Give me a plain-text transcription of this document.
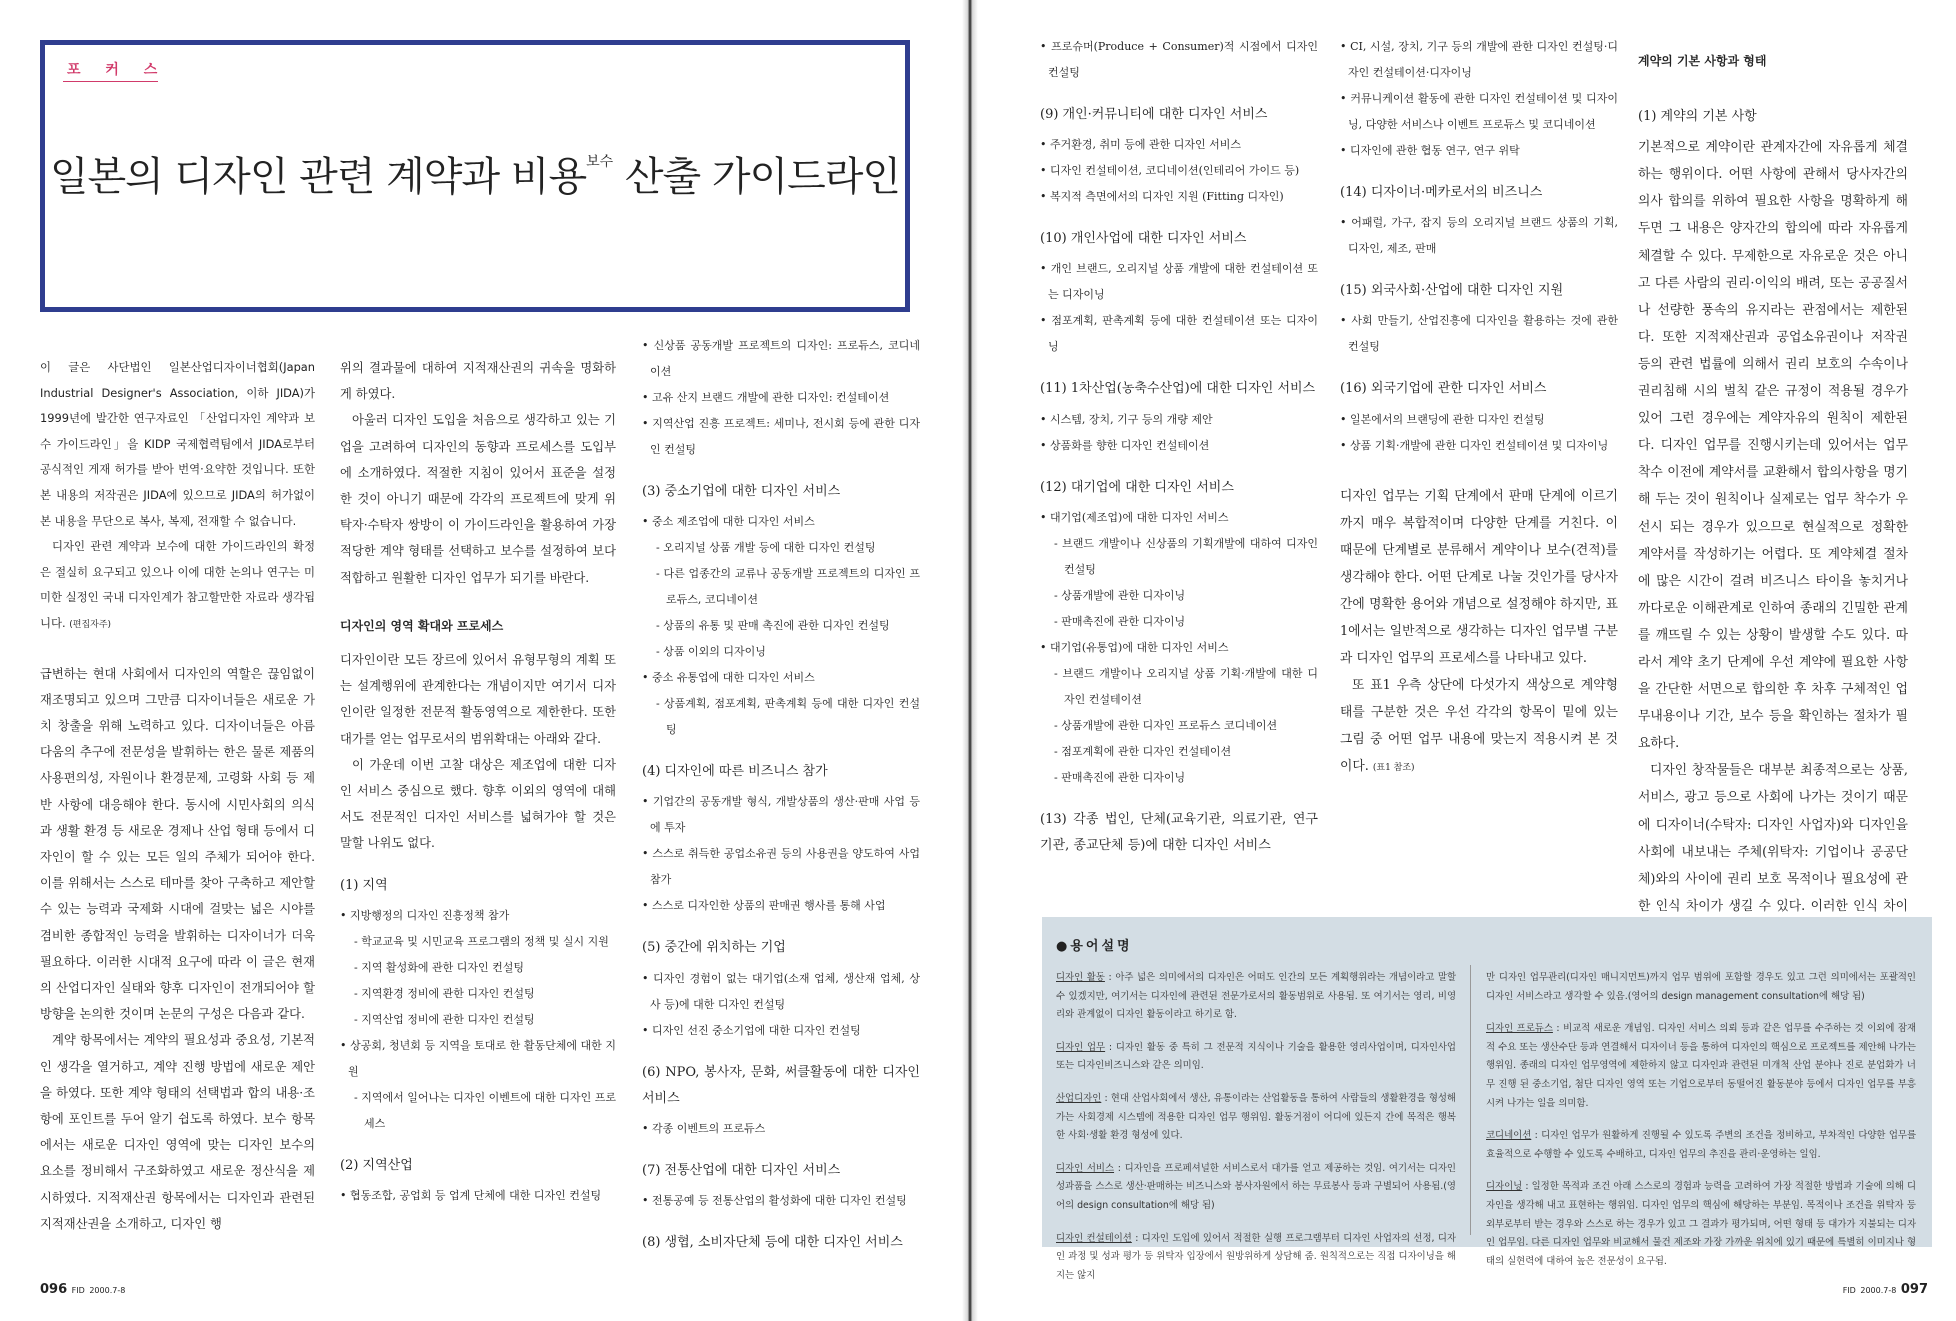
포 커 스
일본의 디자인 관련 계약과 비용$^{보수}$ 산출 가이드라인

이 글은 사단법인 일본산업디자이너협회(Japan Industrial Designer's Association, 이하 JIDA)가 1999년에 발간한 연구자료인 「산업디자인 계약과 보수 가이드라인」을 KIDP 국제협력팀에서 JIDA로부터 공식적인 게재 허가를 받아 번역·요약한 것입니다. 또한 본 내용의 저작권은 JIDA에 있으므로 JIDA의 허가없이 본 내용을 무단으로 복사, 복제, 전재할 수 없습니다.

디자인 관련 계약과 보수에 대한 가이드라인의 확정은 절실히 요구되고 있으나 이에 대한 논의나 연구는 미미한 실정인 국내 디자인계가 참고할만한 자료라 생각됩니다. (편집자주)

급변하는 현대 사회에서 디자인의 역할은 끊임없이 재조명되고 있으며 그만큼 디자이너들은 새로운 가치 창출을 위해 노력하고 있다. 디자이너들은 아름다움의 추구에 전문성을 발휘하는 한은 물론 제품의 사용편의성, 자원이나 환경문제, 고령화 사회 등 제반 사항에 대응해야 한다. 동시에 시민사회의 의식과 생활 환경 등 새로운 경제나 산업 형태 등에서 디자인이 할 수 있는 모든 일의 주체가 되어야 한다. 이를 위해서는 스스로 테마를 찾아 구축하고 제안할 수 있는 능력과 국제화 시대에 걸맞는 넓은 시야를 겸비한 종합적인 능력을 발휘하는 디자이너가 더욱 필요하다. 이러한 시대적 요구에 따라 이 글은 현재의 산업디자인 실태와 향후 디자인이 전개되어야 할 방향을 논의한 것이며 논문의 구성은 다음과 같다.

계약 항목에서는 계약의 필요성과 중요성, 기본적인 생각을 열거하고, 계약 진행 방법에 새로운 제안을 하였다. 또한 계약 형태의 선택법과 합의 내용·조항에 포인트를 두어 알기 쉽도록 하였다. 보수 항목에서는 새로운 디자인 영역에 맞는 디자인 보수의 요소를 정비해서 구조화하였고 새로운 정산식을 제시하였다. 지적재산권 항목에서는 디자인과 관련된 지적재산권을 소개하고, 디자인 행

위의 결과물에 대하여 지적재산권의 귀속을 명화하게 하였다.

아울러 디자인 도입을 처음으로 생각하고 있는 기업을 고려하여 디자인의 동향과 프로세스를 도입부에 소개하였다. 적절한 지침이 있어서 표준을 설정한 것이 아니기 때문에 각각의 프로젝트에 맞게 위탁자·수탁자 쌍방이 이 가이드라인을 활용하여 가장 적당한 계약 형태를 선택하고 보수를 설정하여 보다 적합하고 원활한 디자인 업무가 되기를 바란다.

디자인의 영역 확대와 프로세스

디자인이란 모든 장르에 있어서 유형무형의 계획 또는 설계행위에 관계한다는 개념이지만 여기서 디자인이란 일정한 전문적 활동영역으로 제한한다. 또한 대가를 얻는 업무로서의 범위확대는 아래와 같다.

이 가운데 이번 고찰 대상은 제조업에 대한 디자인 서비스 중심으로 했다. 향후 이외의 영역에 대해서도 전문적인 디자인 서비스를 넓혀가야 할 것은 말할 나위도 없다.

(1) 지역
• 지방행정의 디자인 진흥정책 참가
- 학교교육 및 시민교육 프로그램의 정책 및 실시 지원
- 지역 활성화에 관한 디자인 컨설팅
- 지역환경 정비에 관한 디자인 컨설팅
- 지역산업 정비에 관한 디자인 컨설팅
• 상공회, 청년회 등 지역을 토대로 한 활동단체에 대한 지원
- 지역에서 일어나는 디자인 이벤트에 대한 디자인 프로세스
(2) 지역산업
• 협동조합, 공업회 등 업계 단체에 대한 디자인 컨설팅
• 신상품 공동개발 프로젝트의 디자인: 프로듀스, 코디네이션
• 고유 산지 브랜드 개발에 관한 디자인: 컨설테이션
• 지역산업 진흥 프로젝트: 세미나, 전시회 등에 관한 디자인 컨설팅
(3) 중소기업에 대한 디자인 서비스
• 중소 제조업에 대한 디자인 서비스
- 오리지널 상품 개발 등에 대한 디자인 컨설팅
- 다른 업종간의 교류나 공동개발 프로젝트의 디자인 프로듀스, 코디네이션
- 상품의 유통 및 판매 촉진에 관한 디자인 컨설팅
- 상품 이외의 디자이닝
• 중소 유통업에 대한 디자인 서비스
- 상품계획, 점포계획, 판촉계획 등에 대한 디자인 컨설팅
(4) 디자인에 따른 비즈니스 참가
• 기업간의 공동개발 형식, 개발상품의 생산·판매 사업 등에 투자
• 스스로 취득한 공업소유권 등의 사용권을 양도하여 사업 참가
• 스스로 디자인한 상품의 판매권 행사를 통해 사업
(5) 중간에 위치하는 기업
• 디자인 경험이 없는 대기업(소재 업체, 생산재 업체, 상사 등)에 대한 디자인 컨설팅
• 디자인 선진 중소기업에 대한 디자인 컨설팅
(6) NPO, 봉사자, 문화, 써클활동에 대한 디자인 서비스
• 각종 이벤트의 프로듀스
(7) 전통산업에 대한 디자인 서비스
• 전통공예 등 전통산업의 활성화에 대한 디자인 컨설팅
(8) 생협, 소비자단체 등에 대한 디자인 서비스
096 FID 2000.7-8
• 프로슈머(Produce + Consumer)적 시점에서 디자인 컨설팅
(9) 개인·커뮤니티에 대한 디자인 서비스
• 주거환경, 취미 등에 관한 디자인 서비스
• 디자인 컨설테이션, 코디네이션(인테리어 가이드 등)
• 복지적 측면에서의 디자인 지원 (Fitting 디자인)
(10) 개인사업에 대한 디자인 서비스
• 개인 브랜드, 오리지널 상품 개발에 대한 컨설테이션 또는 디자이닝
• 점포계획, 판촉계획 등에 대한 컨설테이션 또는 디자이닝
(11) 1차산업(농축수산업)에 대한 디자인 서비스
• 시스템, 장치, 기구 등의 개량 제안
• 상품화를 향한 디자인 컨설테이션
(12) 대기업에 대한 디자인 서비스
• 대기업(제조업)에 대한 디자인 서비스
- 브랜드 개발이나 신상품의 기획개발에 대하여 디자인 컨설팅
- 상품개발에 관한 디자이닝
- 판매촉진에 관한 디자이닝
• 대기업(유통업)에 대한 디자인 서비스
- 브랜드 개발이나 오리지널 상품 기획·개발에 대한 디자인 컨설테이션
- 상품개발에 관한 디자인 프로듀스 코디네이션
- 점포계획에 관한 디자인 컨설테이션
- 판매촉진에 관한 디자이닝
(13) 각종 법인, 단체(교육기관, 의료기관, 연구기관, 종교단체 등)에 대한 디자인 서비스
• CI, 시설, 장치, 기구 등의 개발에 관한 디자인 컨설팅·디자인 컨설테이션·디자이닝
• 커뮤니케이션 활동에 관한 디자인 컨설테이션 및 디자이닝, 다양한 서비스나 이벤트 프로듀스 및 코디네이션
• 디자인에 관한 협동 연구, 연구 위탁
(14) 디자이너·메카로서의 비즈니스
• 어패럴, 가구, 잡지 등의 오리지널 브랜드 상품의 기획, 디자인, 제조, 판매
(15) 외국사회·산업에 대한 디자인 지원
• 사회 만들기, 산업진흥에 디자인을 활용하는 것에 관한 컨설팅
(16) 외국기업에 관한 디자인 서비스
• 일본에서의 브랜딩에 관한 디자인 컨설팅
• 상품 기획·개발에 관한 디자인 컨설테이션 및 디자이닝

디자인 업무는 기획 단계에서 판매 단계에 이르기까지 매우 복합적이며 다양한 단계를 거친다. 이 때문에 단계별로 분류해서 계약이나 보수(견적)를 생각해야 한다. 어떤 단계로 나눌 것인가를 당사자간에 명확한 용어와 개념으로 설정해야 하지만, 표1에서는 일반적으로 생각하는 디자인 업무별 구분과 디자인 업무의 프로세스를 나타내고 있다.

또 표1 우측 상단에 다섯가지 색상으로 계약형태를 구분한 것은 우선 각각의 항목이 밑에 있는 그림 중 어떤 업무 내용에 맞는지 적용시켜 본 것이다. (표1 참조)

계약의 기본 사항과 형태
(1) 계약의 기본 사항

기본적으로 계약이란 관계자간에 자유롭게 체결하는 행위이다. 어떤 사항에 관해서 당사자간의 의사 합의를 위하여 필요한 사항을 명확하게 해두면 그 내용은 양자간의 합의에 따라 자유롭게 체결할 수 있다. 무제한으로 자유로운 것은 아니고 다른 사람의 권리·이익의 배려, 또는 공공질서나 선량한 풍속의 유지라는 관점에서는 제한된다. 또한 지적재산권과 공업소유권이나 저작권 등의 관련 법률에 의해서 권리 보호의 수속이나 권리침해 시의 벌칙 같은 규정이 적용될 경우가 있어 그런 경우에는 계약자유의 원칙이 제한된다. 디자인 업무를 진행시키는데 있어서는 업무 착수 이전에 계약서를 교환해서 합의사항을 명기해 두는 것이 원칙이나 실제로는 업무 착수가 우선시 되는 경우가 있으므로 현실적으로 정확한 계약서를 작성하기는 어렵다. 또 계약체결 절차에 많은 시간이 걸려 비즈니스 타이을 놓치거나 까다로운 이해관계로 인하여 종래의 긴밀한 관계를 깨뜨릴 수 있는 상황이 발생할 수도 있다. 따라서 계약 초기 단계에 우선 계약에 필요한 사항을 간단한 서면으로 합의한 후 차후 구체적인 업무내용이나 기간, 보수 등을 확인하는 절차가 필요하다.

디자인 창작물들은 대부분 최종적으로는 상품, 서비스, 광고 등으로 사회에 나가는 것이기 때문에 디자이너(수탁자: 디자인 사업자)와 디자인을 사회에 내보내는 주체(위탁자: 기업이나 공공단체)와의 사이에 권리 보호 목적이나 필요성에 관한 인식 차이가 생길 수 있다. 이러한 인식 차이

●용어설명

디자인 활동 : 아주 넓은 의미에서의 디자인은 어떠도 인간의 모든 계획행위라는 개념이라고 말할 수 있겠지만, 여기서는 디자인에 관련된 전문가로서의 활동범위로 사용됨. 또 여기서는 영리, 비영리와 관계없이 디자인 활동이라고 하기로 함.

디자인 업무 : 디자인 활동 중 특히 그 전문적 지식이나 기술을 활용한 영리사업이며, 디자인사업 또는 디자인비즈니스와 같은 의미임.

산업디자인 : 현대 산업사회에서 생산, 유통이라는 산업활동을 통하여 사람들의 생활환경을 형성해 가는 사회경제 시스템에 적용한 디자인 업무 행위임. 활동거점이 어디에 있든지 간에 목적은 행복한 사회·생활 환경 형성에 있다.

디자인 서비스 : 디자인을 프로페셔널한 서비스로서 대가를 얻고 제공하는 것임. 여기서는 디자인 성과품을 스스로 생산·판매하는 비즈니스와 봉사자원에서 하는 무료봉사 등과 구별되어 사용됨.(영어의 design consultation에 해당 됨)

디자인 컨설테이션 : 디자인 도입에 있어서 적절한 실행 프로그램부터 디자인 사업자의 선정, 디자인 과정 및 성과 평가 등 위탁자 입장에서 원방위하게 상담해 줌. 원칙적으로는 직접 디자이닝을 해지는 않지

만 디자인 업무관리(디자인 매니지먼트)까지 업무 범위에 포함할 경우도 있고 그런 의미에서는 포괄적인 디자인 서비스라고 생각할 수 있음.(영어의 design management consultation에 해당 됨)

디자인 프로듀스 : 비교적 새로운 개념임. 디자인 서비스 의뢰 등과 같은 업무를 수주하는 것 이외에 잠재적 수요 또는 생산수단 등과 연결해서 디자이너 등을 통하여 디자인의 핵심으로 프로젝트를 제안해 나가는 행위임. 종래의 디자인 업무영역에 제한하지 않고 디자인과 관련된 미개척 산업 분야나 진로 분업화가 너무 진행 된 중소기업, 첨단 디자인 영역 또는 기업으로부터 동떨어진 활동분야 등에서 디자인 업무를 부흥시켜 나가는 일을 의미함.

코디네이션 : 디자인 업무가 원활하게 진행될 수 있도록 주변의 조건을 정비하고, 부차적인 다양한 업무를 효율적으로 수행할 수 있도록 수배하고, 디자인 업무의 추진을 관리·운영하는 일임.

디자이닝 : 일정한 목적과 조건 아래 스스로의 경험과 능력을 고려하여 가장 적절한 방법과 기술에 의해 디자인을 생각해 내고 표현하는 행위임. 디자인 업무의 핵심에 해당하는 부분임. 목적이나 조건을 위탁자 등 외부로부터 받는 경우와 스스로 하는 경우가 있고 그 결과가 평가되며, 어떤 형태 등 대가가 지불되는 디자인 업무임. 다른 디자인 업무와 비교해서 물건 제조와 가장 가까운 위치에 있기 때문에 특별히 이미지나 형태의 실현력에 대하여 높은 전문성이 요구됨.

FID 2000.7-8 097
